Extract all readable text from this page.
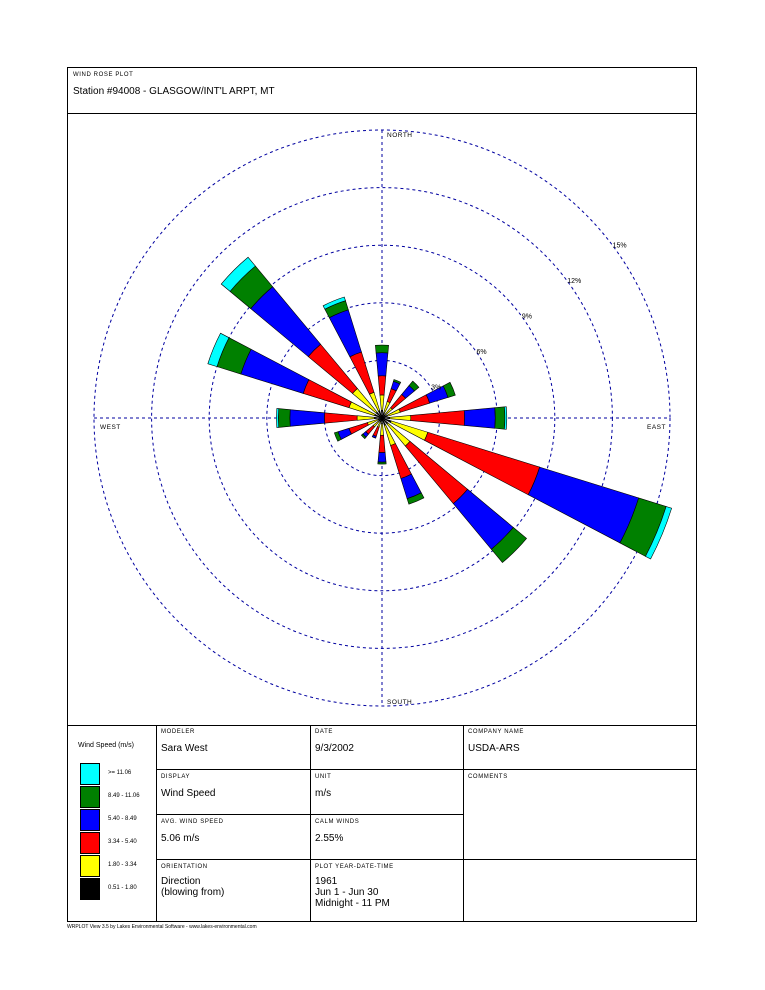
WIND ROSE PLOT
Station #94008 - GLASGOW/INT'L ARPT, MT
3%
6%
9%
12%
15%
NORTH
SOUTH
WEST	EAST
Wind Speed (m/s)
>= 11.06
8.49 - 11.06
5.40 - 8.49
3.34 - 5.40
1.80 - 3.34
0.51 - 1.80
MODELER
Sara West
DATE
9/3/2002
COMPANY NAME
USDA-ARS
DISPLAY
Wind Speed
UNIT
m/s
COMMENTS
AVG. WIND SPEED
5.06 m/s
CALM WINDS
2.55%
ORIENTATION
Direction
(blowing from)
PLOT YEAR-DATE-TIME
1961
Jun 1 - Jun 30
Midnight - 11 PM
WRPLOT View 3.5 by Lakes Environmental Software - www.lakes-environmental.com
